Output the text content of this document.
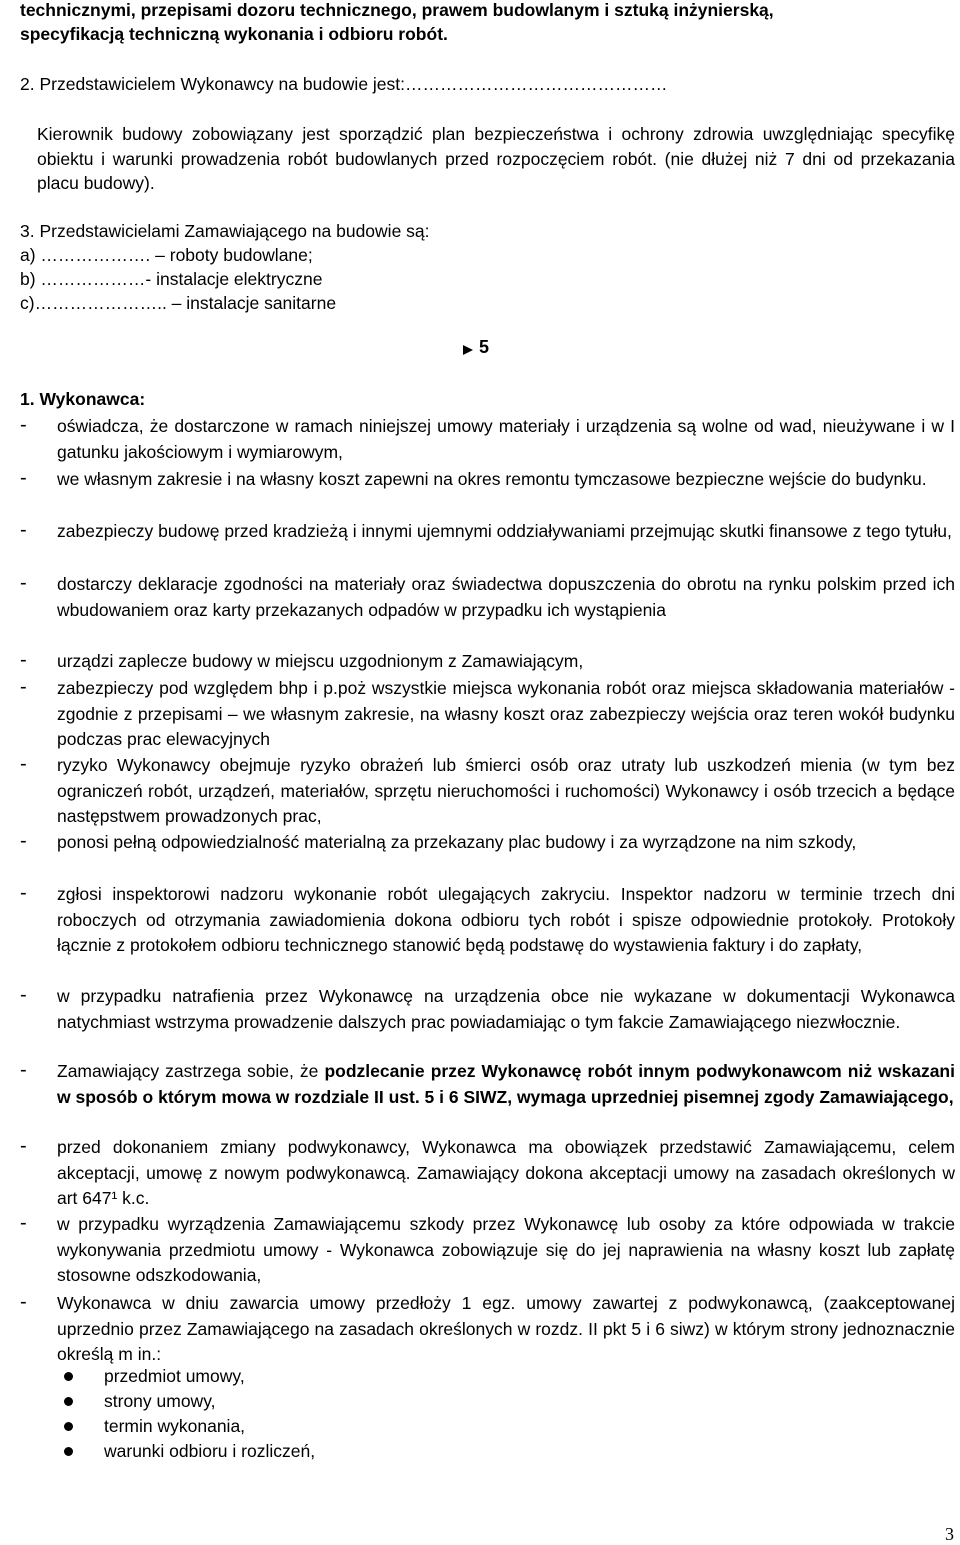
technicznymi, przepisami dozoru technicznego, prawem budowlanym i sztuką inżynierską,
specyfikacją techniczną wykonania i odbioru robót.
2. Przedstawicielem Wykonawcy na budowie jest:………………………………………
Kierownik budowy zobowiązany jest sporządzić plan bezpieczeństwa i ochrony zdrowia uwzględniając specyfikę obiektu i warunki prowadzenia robót budowlanych przed rozpoczęciem robót. (nie dłużej niż 7 dni od przekazania placu budowy).
3. Przedstawicielami Zamawiającego na budowie są:
a) ………………. – roboty budowlane;
b) ………………- instalacje elektryczne
c)………………….. – instalacje sanitarne
5
1. Wykonawca:
- oświadcza, że dostarczone w ramach niniejszej umowy materiały i urządzenia są wolne od wad, nieużywane i w I gatunku jakościowym i wymiarowym,
- we własnym zakresie i na własny koszt zapewni na okres remontu tymczasowe bezpieczne wejście do budynku.
- zabezpieczy budowę przed kradzieżą i innymi ujemnymi oddziaływaniami przejmując skutki finansowe z tego tytułu,
- dostarczy deklaracje zgodności na materiały oraz świadectwa dopuszczenia do obrotu na rynku polskim przed ich wbudowaniem oraz karty przekazanych odpadów w przypadku ich wystąpienia
- urządzi zaplecze budowy w miejscu uzgodnionym z Zamawiającym,
- zabezpieczy pod względem bhp i p.poż wszystkie miejsca wykonania robót oraz miejsca składowania materiałów - zgodnie z przepisami – we własnym zakresie, na własny koszt oraz zabezpieczy wejścia oraz teren wokół budynku podczas prac elewacyjnych
- ryzyko Wykonawcy obejmuje ryzyko obrażeń lub śmierci osób oraz utraty lub uszkodzeń mienia (w tym bez ograniczeń robót, urządzeń, materiałów, sprzętu nieruchomości i ruchomości) Wykonawcy i osób trzecich a będące następstwem prowadzonych prac,
- ponosi pełną odpowiedzialność materialną za przekazany plac budowy i za wyrządzone na nim szkody,
- zgłosi inspektorowi nadzoru wykonanie robót ulegających zakryciu. Inspektor nadzoru w terminie trzech dni roboczych od otrzymania zawiadomienia dokona odbioru tych robót i spisze odpowiednie protokoły. Protokoły łącznie z protokołem odbioru technicznego stanowić będą podstawę do wystawienia faktury i do zapłaty,
- w przypadku natrafienia przez Wykonawcę na urządzenia obce nie wykazane w dokumentacji Wykonawca natychmiast wstrzyma prowadzenie dalszych prac powiadamiając o tym fakcie Zamawiającego niezwłocznie.
- Zamawiający zastrzega sobie, że podzlecanie przez Wykonawcę robót innym podwykonawcom niż wskazani w sposób o którym mowa w rozdziale II ust. 5 i 6 SIWZ, wymaga uprzedniej pisemnej zgody Zamawiającego,
- przed dokonaniem zmiany podwykonawcy, Wykonawca ma obowiązek przedstawić Zamawiającemu, celem akceptacji, umowę z nowym podwykonawcą. Zamawiający dokona akceptacji umowy na zasadach określonych w art 647¹ k.c.
- w przypadku wyrządzenia Zamawiającemu szkody przez Wykonawcę lub osoby za które odpowiada w trakcie wykonywania przedmiotu umowy - Wykonawca zobowiązuje się do jej naprawienia na własny koszt lub zapłatę stosowne odszkodowania,
- Wykonawca w dniu zawarcia umowy przedłoży 1 egz. umowy zawartej z podwykonawcą, (zaakceptowanej uprzednio przez Zamawiającego na zasadach określonych w rozdz. II pkt 5 i 6 siwz) w którym strony jednoznacznie określą m in.:
przedmiot umowy,
strony umowy,
termin wykonania,
warunki odbioru i rozliczeń,
3
